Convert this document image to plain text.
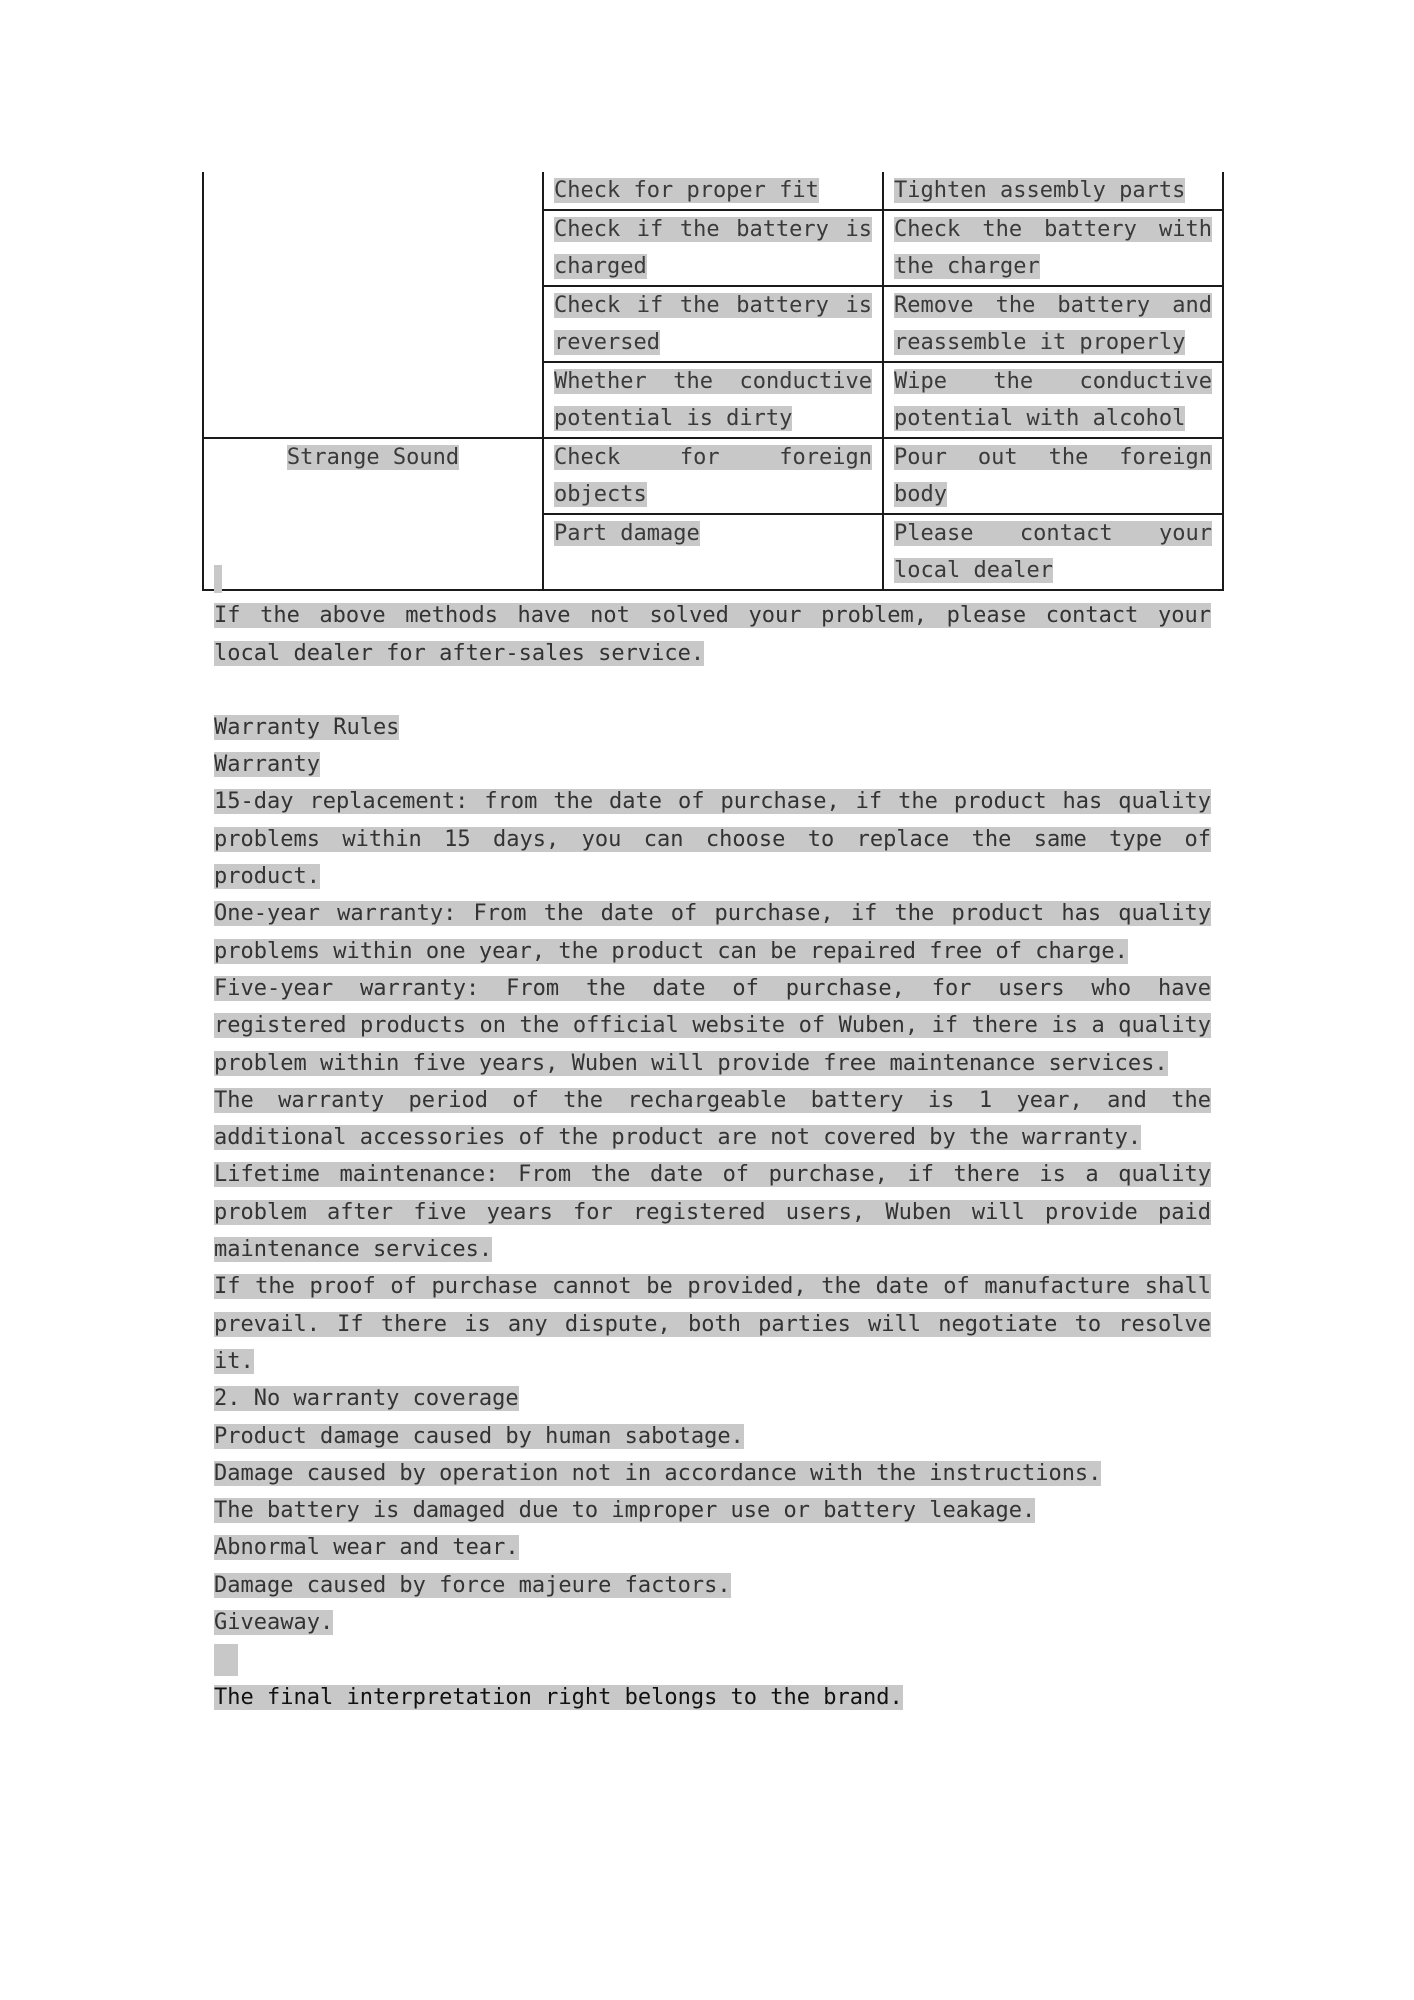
	Check for proper fit	Tighten assembly parts
	Check if the battery is charged	Check the battery with the charger
	Check if the battery is reversed	Remove the battery and reassemble it properly
	Whether the conductive potential is dirty	Wipe the conductive potential with alcohol
Strange Sound	Check for foreign objects	Pour out the foreign body
	Part damage	Please contact your local dealer

If the above methods have not solved your problem, please contact your local dealer for after-sales service.

Warranty Rules

Warranty

15-day replacement: from the date of purchase, if the product has quality problems within 15 days, you can choose to replace the same type of product.

One-year warranty: From the date of purchase, if the product has quality problems within one year, the product can be repaired free of charge.

Five-year warranty: From the date of purchase, for users who have registered products on the official website of Wuben, if there is a quality problem within five years, Wuben will provide free maintenance services.

The warranty period of the rechargeable battery is 1 year, and the additional accessories of the product are not covered by the warranty.

Lifetime maintenance: From the date of purchase, if there is a quality problem after five years for registered users, Wuben will provide paid maintenance services.

If the proof of purchase cannot be provided, the date of manufacture shall prevail. If there is any dispute, both parties will negotiate to resolve it.

2. No warranty coverage

Product damage caused by human sabotage.

Damage caused by operation not in accordance with the instructions.

The battery is damaged due to improper use or battery leakage.

Abnormal wear and tear.

Damage caused by force majeure factors.

Giveaway.

The final interpretation right belongs to the brand.
